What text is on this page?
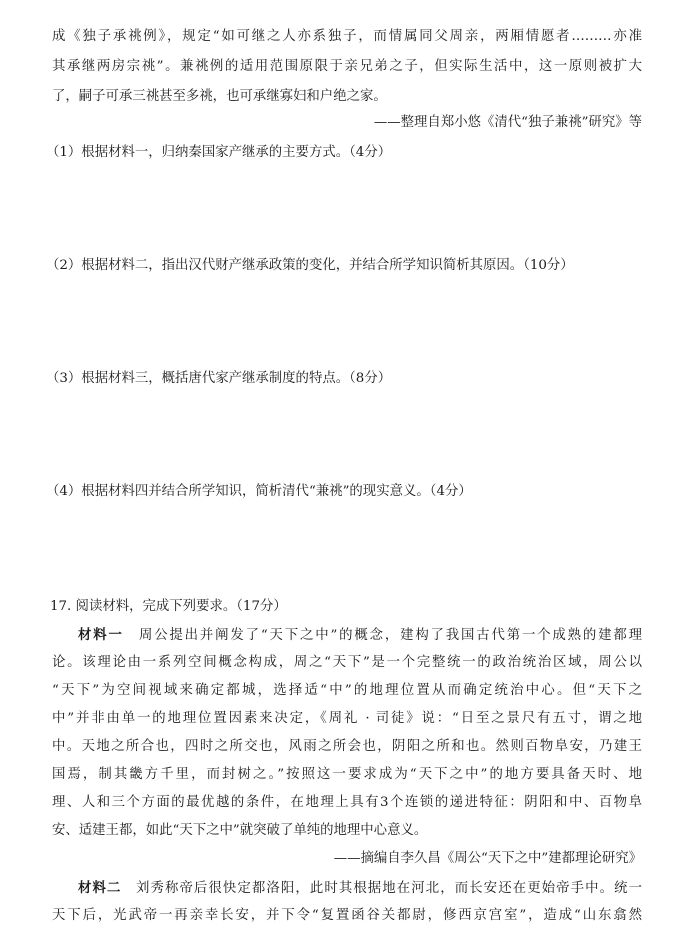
成《独子承祧例》，规定“如可继之人亦系独子，而情属同父周亲，两厢情愿者………亦准
其承继两房宗祧”。兼祧例的适用范围原限于亲兄弟之子，但实际生活中，这一原则被扩大
了，嗣子可承三祧甚至多祧，也可承继寡妇和户绝之家。
——整理自郑小悠《清代“独子兼祧”研究》等
（1）根据材料一，归纳秦国家产继承的主要方式。（4分）
（2）根据材料二，指出汉代财产继承政策的变化，并结合所学知识简析其原因。（10分）
（3）根据材料三，概括唐代家产继承制度的特点。（8分）
（4）根据材料四并结合所学知识，简析清代“兼祧”的现实意义。（4分）
17. 阅读材料，完成下列要求。（17分）
材料一  周公提出并阐发了“天下之中”的概念，建构了我国古代第一个成熟的建都理
论。该理论由一系列空间概念构成，周之“天下”是一个完整统一的政治统治区域，周公以
“天下”为空间视域来确定都城，选择适“中”的地理位置从而确定统治中心。但“天下之
中”并非由单一的地理位置因素来决定，《周礼 · 司徒》说：“日至之景尺有五寸，谓之地
中。天地之所合也，四时之所交也，风雨之所会也，阴阳之所和也。然则百物阜安，乃建王
国焉，制其畿方千里，而封树之。”按照这一要求成为“天下之中”的地方要具备天时、地
理、人和三个方面的最优越的条件，在地理上具有3个连锁的递进特征：阴阳和中、百物阜
安、适建王都，如此“天下之中”就突破了单纯的地理中心意义。
——摘编自李久昌《周公“天下之中”建都理论研究》
材料二  刘秀称帝后很快定都洛阳，此时其根据地在河北，而长安还在更始帝手中。统一
天下后，光武帝一再亲幸长安，并下令“复置函谷关都尉，修西京宫室”，造成“山东翕然
